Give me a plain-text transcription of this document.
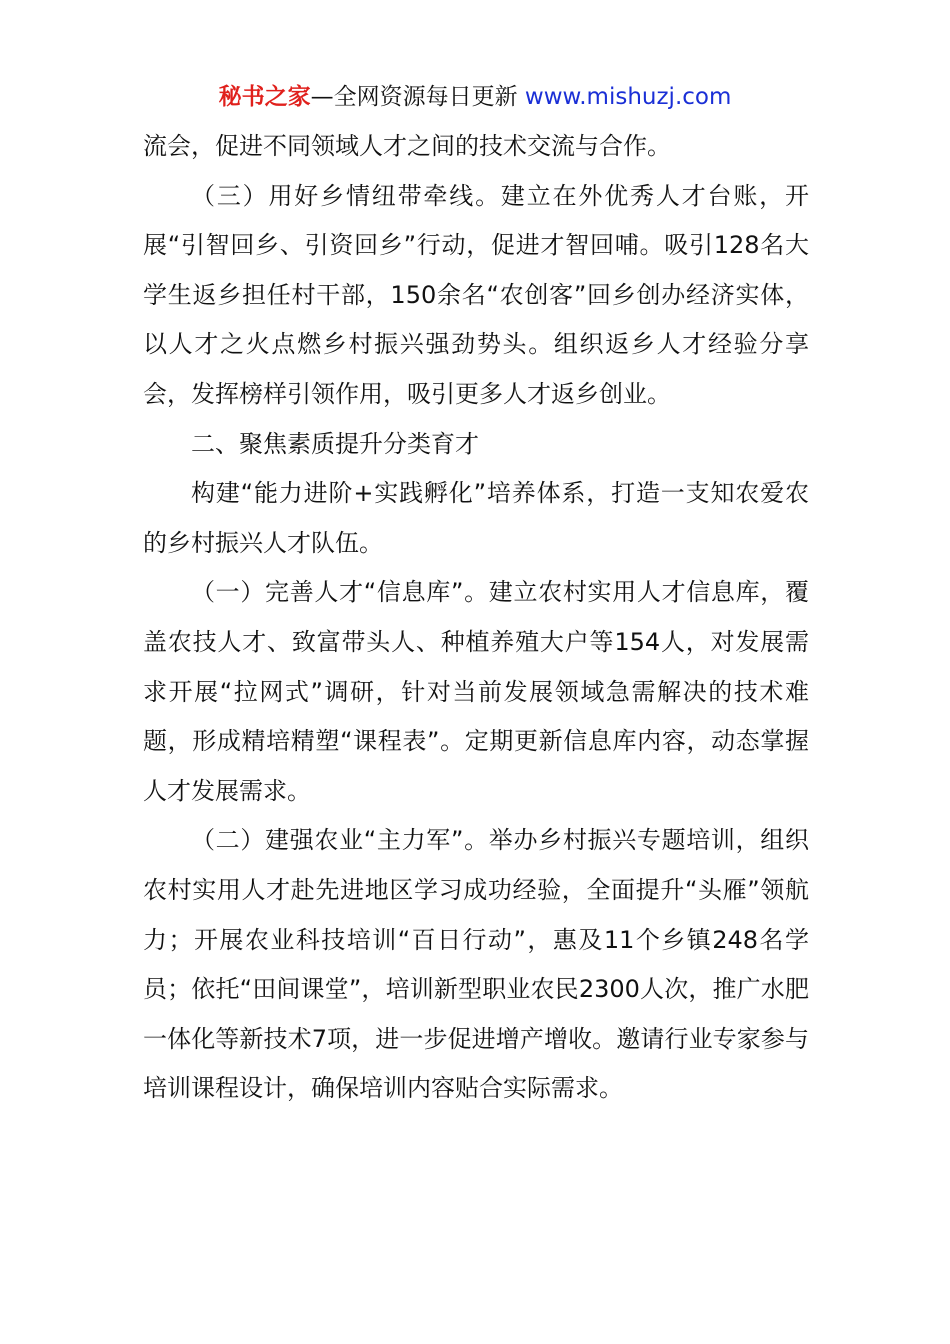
秘书之家—全网资源每日更新 www.mishuzj.com

流会，促进不同领域人才之间的技术交流与合作。

（三）用好乡情纽带牵线。建立在外优秀人才台账，开展“引智回乡、引资回乡”行动，促进才智回哺。吸引128名大学生返乡担任村干部，150余名“农创客”回乡创办经济实体，以人才之火点燃乡村振兴强劲势头。组织返乡人才经验分享会，发挥榜样引领作用，吸引更多人才返乡创业。

二、聚焦素质提升分类育才

构建“能力进阶+实践孵化”培养体系，打造一支知农爱农的乡村振兴人才队伍。

（一）完善人才“信息库”。建立农村实用人才信息库，覆盖农技人才、致富带头人、种植养殖大户等154人，对发展需求开展“拉网式”调研，针对当前发展领域急需解决的技术难题，形成精培精塑“课程表”。定期更新信息库内容，动态掌握人才发展需求。

（二）建强农业“主力军”。举办乡村振兴专题培训，组织农村实用人才赴先进地区学习成功经验，全面提升“头雁”领航力；开展农业科技培训“百日行动”，惠及11个乡镇248名学员；依托“田间课堂”，培训新型职业农民2300人次，推广水肥一体化等新技术7项，进一步促进增产增收。邀请行业专家参与培训课程设计，确保培训内容贴合实际需求。
